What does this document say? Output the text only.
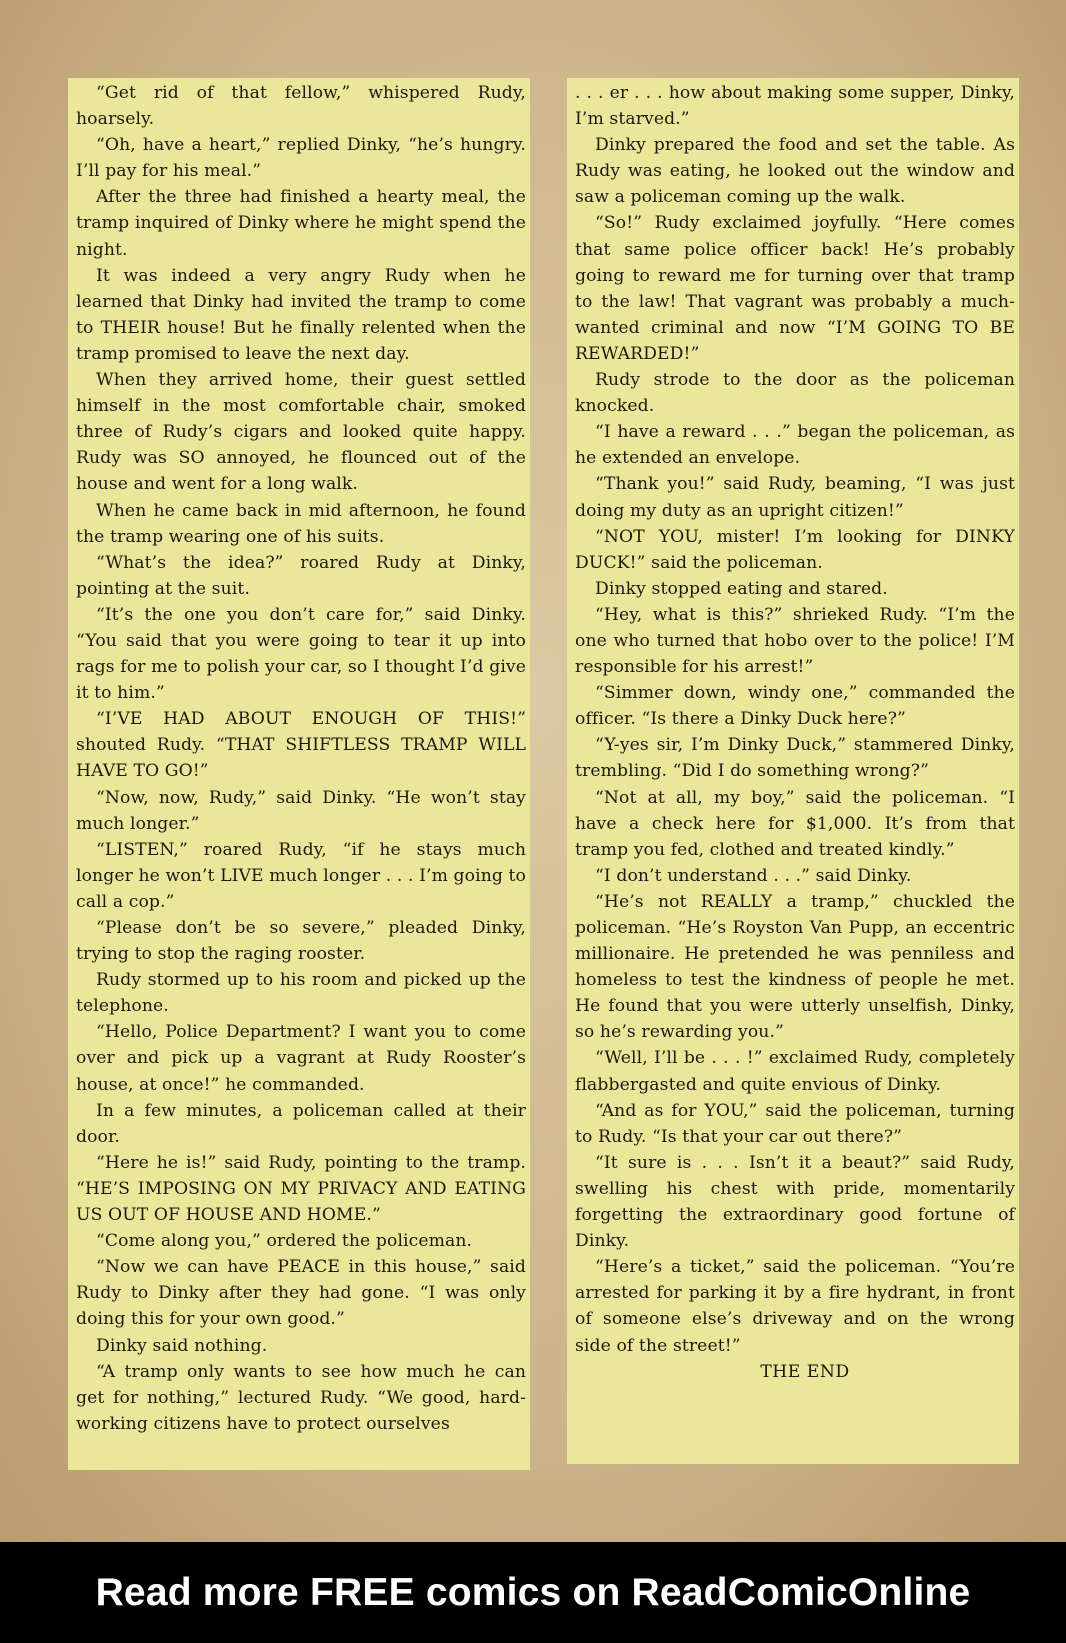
“Get rid of that fellow,” whispered Rudy, hoarsely.

“Oh, have a heart,” replied Dinky, “he’s hungry. I’ll pay for his meal.”

After the three had finished a hearty meal, the tramp inquired of Dinky where he might spend the night.

It was indeed a very angry Rudy when he learned that Dinky had invited the tramp to come to THEIR house! But he finally relented when the tramp promised to leave the next day.

When they arrived home, their guest settled himself in the most comfortable chair, smoked three of Rudy’s cigars and looked quite happy. Rudy was SO annoyed, he flounced out of the house and went for a long walk.

When he came back in mid afternoon, he found the tramp wearing one of his suits.

“What’s the idea?” roared Rudy at Dinky, pointing at the suit.

“It’s the one you don’t care for,” said Dinky. “You said that you were going to tear it up into rags for me to polish your car, so I thought I’d give it to him.”

“I’VE HAD ABOUT ENOUGH OF THIS!” shouted Rudy. “THAT SHIFTLESS TRAMP WILL HAVE TO GO!”

“Now, now, Rudy,” said Dinky. “He won’t stay much longer.”

“LISTEN,” roared Rudy, “if he stays much longer he won’t LIVE much longer . . . I’m going to call a cop.”

“Please don’t be so severe,” pleaded Dinky, trying to stop the raging rooster.

Rudy stormed up to his room and picked up the telephone.

“Hello, Police Department? I want you to come over and pick up a vagrant at Rudy Rooster’s house, at once!” he commanded.

In a few minutes, a policeman called at their door.

“Here he is!” said Rudy, pointing to the tramp. “HE’S IMPOSING ON MY PRIVACY AND EATING US OUT OF HOUSE AND HOME.”

“Come along you,” ordered the policeman.

“Now we can have PEACE in this house,” said Rudy to Dinky after they had gone. “I was only doing this for your own good.”

Dinky said nothing.

“A tramp only wants to see how much he can get for nothing,” lectured Rudy. “We good, hard-working citizens have to protect ourselves

. . . er . . . how about making some supper, Dinky, I’m starved.”

Dinky prepared the food and set the table. As Rudy was eating, he looked out the window and saw a policeman coming up the walk.

“So!” Rudy exclaimed joyfully. “Here comes that same police officer back! He’s probably going to reward me for turning over that tramp to the law! That vagrant was probably a much-wanted criminal and now “I’M GOING TO BE REWARDED!”

Rudy strode to the door as the policeman knocked.

“I have a reward . . .” began the policeman, as he extended an envelope.

“Thank you!” said Rudy, beaming, “I was just doing my duty as an upright citizen!”

“NOT YOU, mister! I’m looking for DINKY DUCK!” said the policeman.

Dinky stopped eating and stared.

“Hey, what is this?” shrieked Rudy. “I’m the one who turned that hobo over to the police! I’M responsible for his arrest!”

“Simmer down, windy one,” commanded the officer. “Is there a Dinky Duck here?”

“Y-yes sir, I’m Dinky Duck,” stammered Dinky, trembling. “Did I do something wrong?”

“Not at all, my boy,” said the policeman. “I have a check here for $1,000. It’s from that tramp you fed, clothed and treated kindly.”

“I don’t understand . . .” said Dinky.

“He’s not REALLY a tramp,” chuckled the policeman. “He’s Royston Van Pupp, an eccentric millionaire. He pretended he was penniless and homeless to test the kindness of people he met. He found that you were utterly unselfish, Dinky, so he’s rewarding you.”

“Well, I’ll be . . . !” exclaimed Rudy, completely flabbergasted and quite envious of Dinky.

“And as for YOU,” said the policeman, turning to Rudy. “Is that your car out there?”

“It sure is . . . Isn’t it a beaut?” said Rudy, swelling his chest with pride, momentarily forgetting the extraordinary good fortune of Dinky.

“Here’s a ticket,” said the policeman. “You’re arrested for parking it by a fire hydrant, in front of someone else’s driveway and on the wrong side of the street!”

THE END

Read more FREE comics on ReadComicOnline
